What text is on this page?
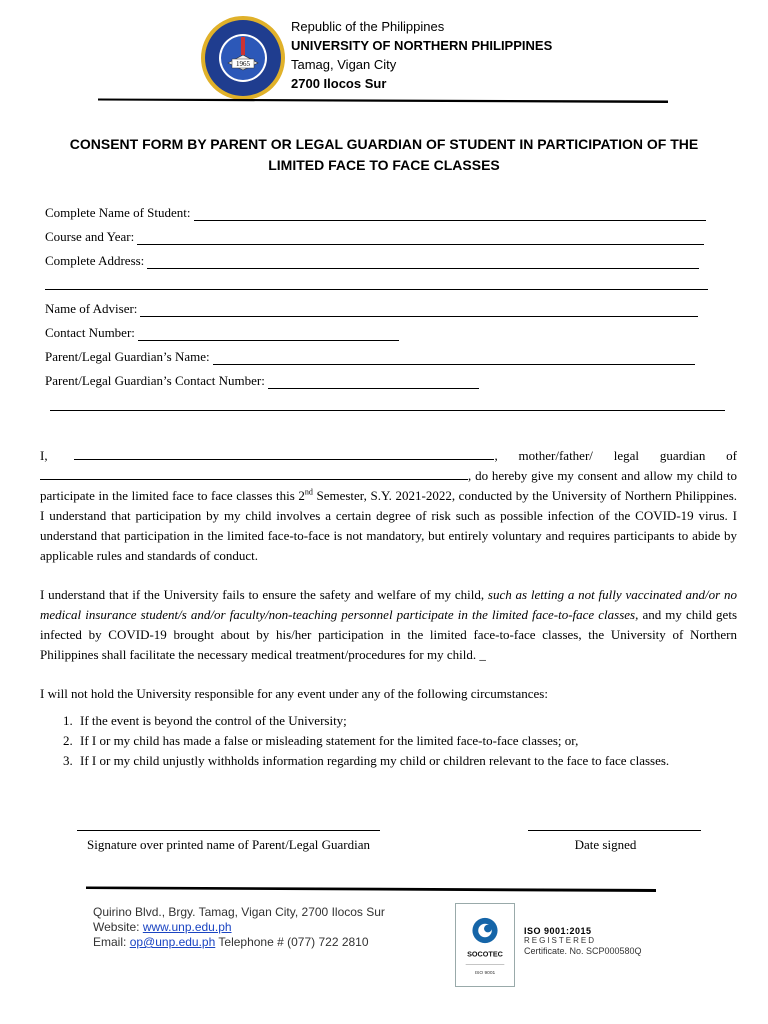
1965
Republic of the Philippines
UNIVERSITY OF NORTHERN PHILIPPINES
Tamag, Vigan City
2700 Ilocos Sur
CONSENT FORM BY PARENT OR LEGAL GUARDIAN OF STUDENT IN PARTICIPATION OF THE
LIMITED FACE TO FACE CLASSES
Complete Name of Student:
Course and Year:
Complete Address:
Name of Adviser:
Contact Number:
Parent/Legal Guardian’s Name:
Parent/Legal Guardian’s Contact Number:

I,	, mother/father/ legal guardian of , do hereby give my consent and allow my child to participate in the limited face to face classes this 2nd Semester, S.Y. 2021-2022, conducted by the University of Northern Philippines. I understand that participation by my child involves a certain degree of risk such as possible infection of the COVID-19 virus. I understand that participation in the limited face-to-face is not mandatory, but entirely voluntary and requires participants to abide by applicable rules and standards of conduct.

I understand that if the University fails to ensure the safety and welfare of my child, such as letting a not fully vaccinated and/or no medical insurance student/s and/or faculty/non-teaching personnel participate in the limited face-to-face classes, and my child gets infected by COVID-19 brought about by his/her participation in the limited face-to-face classes, the University of Northern Philippines shall facilitate the necessary medical treatment/procedures for my child. _

I will not hold the University responsible for any event under any of the following circumstances:

1. If the event is beyond the control of the University;
2. If I or my child has made a false or misleading statement for the limited face-to-face classes; or,
3. If I or my child unjustly withholds information regarding my child or children relevant to the face to face classes.
Signature over printed name of Parent/Legal Guardian	Date signed
Quirino Blvd., Brgy. Tamag, Vigan City, 2700 Ilocos Sur
Website: www.unp.edu.ph
Email: op@unp.edu.ph Telephone # (077) 722 2810
SOCOTEC
ISO 9001
ISO 9001:2015
REGISTERED
Certificate. No. SCP000580Q
